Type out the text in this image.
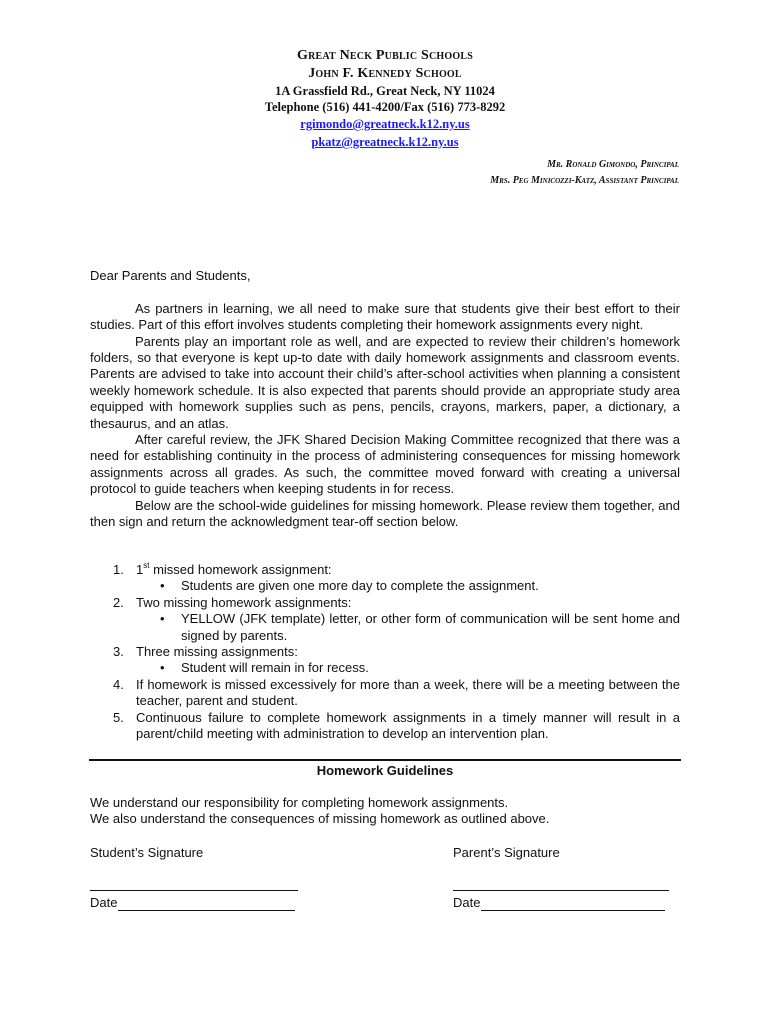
Great Neck Public Schools
John F. Kennedy School
1A Grassfield Rd., Great Neck, NY 11024
Telephone (516) 441-4200/Fax (516) 773-8292
rgimondo@greatneck.k12.ny.us
pkatz@greatneck.k12.ny.us
Mr. Ronald Gimondo, Principal
Mrs. Peg Minicozzi-Katz, Assistant Principal

Dear Parents and Students,

As partners in learning, we all need to make sure that students give their best effort to their studies. Part of this effort involves students completing their homework assignments every night.

Parents play an important role as well, and are expected to review their children’s homework folders, so that everyone is kept up-to date with daily homework assignments and classroom events. Parents are advised to take into account their child’s after-school activities when planning a consistent weekly homework schedule. It is also expected that parents should provide an appropriate study area equipped with homework supplies such as pens, pencils, crayons, markers, paper, a dictionary, a thesaurus, and an atlas.

After careful review, the JFK Shared Decision Making Committee recognized that there was a need for establishing continuity in the process of administering consequences for missing homework assignments across all grades. As such, the committee moved forward with creating a universal protocol to guide teachers when keeping students in for recess.

Below are the school-wide guidelines for missing homework. Please review them together, and then sign and return the acknowledgment tear-off section below.

1. 1st missed homework assignment:
• Students are given one more day to complete the assignment.
2. Two missing homework assignments:
• YELLOW (JFK template) letter, or other form of communication will be sent home and signed by parents.
3. Three missing assignments:
• Student will remain in for recess.
4. If homework is missed excessively for more than a week, there will be a meeting between the teacher, parent and student.
5. Continuous failure to complete homework assignments in a timely manner will result in a parent/child meeting with administration to develop an intervention plan.
Homework Guidelines
We understand our responsibility for completing homework assignments.
We also understand the consequences of missing homework as outlined above.
Student’s Signature	Parent’s Signature
Date	Date
